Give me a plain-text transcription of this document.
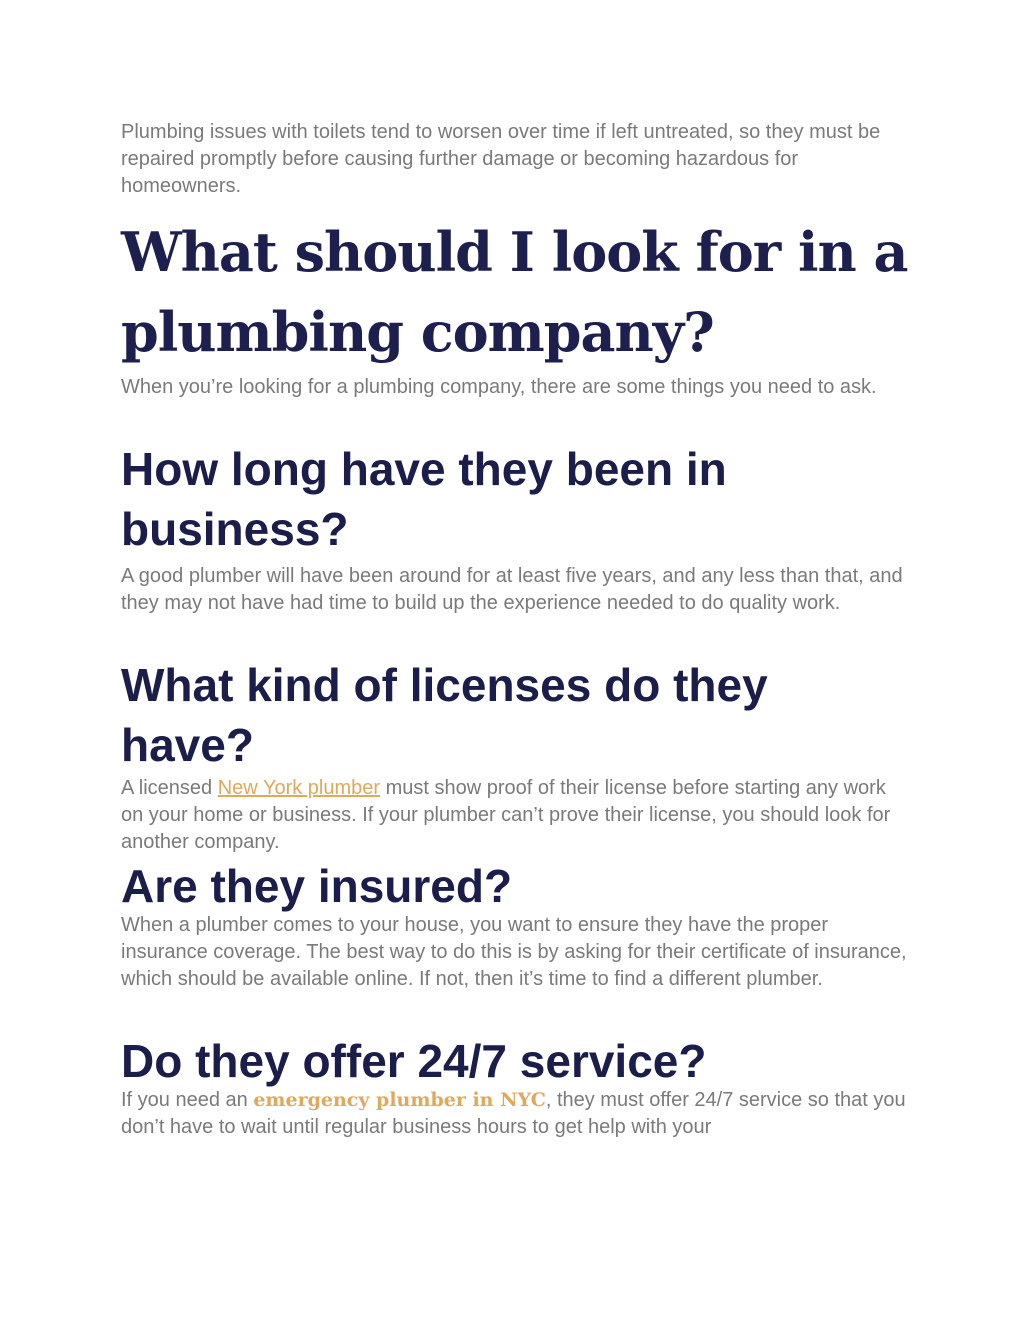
Plumbing issues with toilets tend to worsen over time if left untreated, so they must be repaired promptly before causing further damage or becoming hazardous for homeowners.

What should I look for in a plumbing company?

When you’re looking for a plumbing company, there are some things you need to ask.

How long have they been in business?

A good plumber will have been around for at least five years, and any less than that, and they may not have had time to build up the experience needed to do quality work.

What kind of licenses do they have?

A licensed New York plumber must show proof of their license before starting any work on your home or business. If your plumber can’t prove their license, you should look for another company.

Are they insured?

When a plumber comes to your house, you want to ensure they have the proper insurance coverage. The best way to do this is by asking for their certificate of insurance, which should be available online. If not, then it’s time to find a different plumber.

Do they offer 24/7 service?

If you need an emergency plumber in NYC, they must offer 24/7 service so that you don’t have to wait until regular business hours to get help with your
